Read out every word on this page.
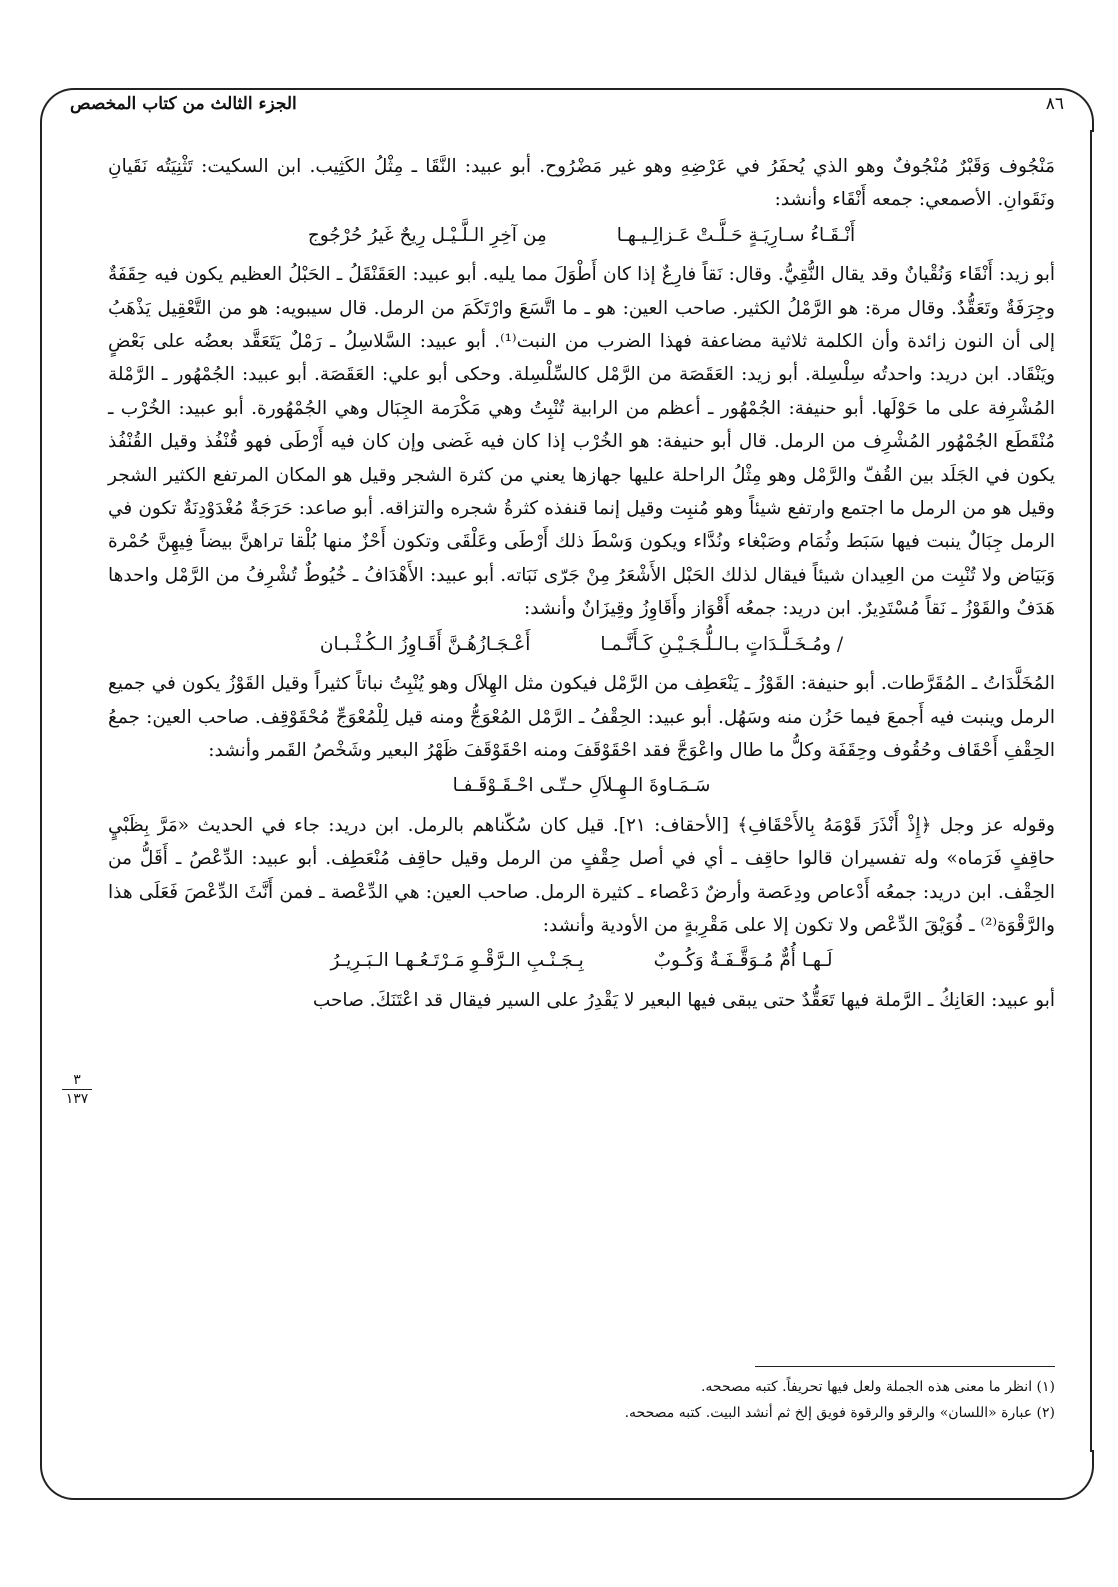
الجزء الثالث من كتاب المخصص	٨٦
٣
١٣٧

مَنْجُوف وَقَبْرٌ مُنْجُوفٌ وهو الذي يُحفَرُ في عَرْضِهِ وهو غير مَضْرُوح. أبو عبيد: النَّقَا ـ مِثْلُ الكَثِيب. ابن السكيت: تَثْنِيَتُه نَقَيانِ ونَقَوانِ. الأصمعي: جمعه أَنْقَاء وأنشد:

أَنْـقَـاءُ سـارِيَـةٍ حَـلَّـتْ عَـزالِـيـهـا مِن آخِرِ الـلَّـيْـل رِيحٌ غَيرُ حُرْجُوج

أبو زيد: أَنْقَاء وَنُقْيانٌ وقد يقال النُّقِيُّ. وقال: نَقاً فارِعٌ إذا كان أَطْوَلَ مما يليه. أبو عبيد: العَقَنْقَلُ ـ الحَبْلُ العظيم يكون فيه حِقَفَةٌ وجِرَفَةٌ وتَعَقُّدٌ. وقال مرة: هو الرَّمْلُ الكثير. صاحب العين: هو ـ ما اتَّسَعَ وارْتَكَمَ من الرمل. قال سيبويه: هو من التَّعْقِيل يَذْهَبُ إلى أن النون زائدة وأن الكلمة ثلاثية مضاعفة فهذا الضرب من النبت⁽¹⁾. أبو عبيد: السَّلاسِلُ ـ رَمْلٌ يَتَعَقَّد بعضُه على بَعْضٍ ويَنْقَاد. ابن دريد: واحدتُه سِلْسِلة. أبو زيد: العَقَصَة من الرَّمْل كالسِّلْسِلة. وحكى أبو علي: العَقَصَة. أبو عبيد: الجُمْهُور ـ الرَّمْلة المُشْرِفة على ما حَوْلَها. أبو حنيفة: الجُمْهُور ـ أعظم من الرابية تُنْبِتُ وهي مَكْرَمة الجِبَال وهي الجُمْهُورة. أبو عبيد: الخُرْب ـ مُنْقَطَع الجُمْهُور المُشْرِف من الرمل. قال أبو حنيفة: هو الخُرْب إذا كان فيه غَضى وإن كان فيه أَرْطَى فهو قُنْفُذ وقيل القُنْفُذ يكون في الجَلَد بين القُفّ والرَّمْل وهو مِثْلُ الراحلة عليها جهازها يعني من كثرة الشجر وقيل هو المكان المرتفع الكثير الشجر وقيل هو من الرمل ما اجتمع وارتفع شيئاً وهو مُنبِت وقيل إنما قنفذه كثرةُ شجره والتزاقه. أبو صاعد: حَرَجَةٌ مُغْدَوْدِنَةٌ تكون في الرمل جِبَالٌ ينبت فيها سَبَط وثُمَام وصَبْغاء ونُدَّاء ويكون وَسْطَ ذلك أَرْطَى وعَلْقَى وتكون أَحْزٌ منها بُلْقا تراهنَّ بيضاً فِيهِنَّ حُمْرة وَبَيَاض ولا تُنْبِت من العِيدان شيئاً فيقال لذلك الحَبْل الأَشْعَرُ مِنْ جَرّى نَبَاته. أبو عبيد: الأَهْدَافُ ـ خُيُوطٌ تُشْرِفُ من الرَّمْل واحدها هَدَفٌ والقَوْزُ ـ نَقاً مُسْتَدِيرٌ. ابن دريد: جمعُه أَقْوَاز وأَقَاوِزُ وقِيزَانٌ وأنشد:

/ ومُـخَـلَّـدَاتٍ بـالـلُّـجَـيْـنِ كَـأَنَّـمـا أَعْـجَـازُهُـنَّ أَقَـاوِزُ الـكُـثْـبـان

المُخَلَّدَاتُ ـ المُقَرَّطات. أبو حنيفة: القَوْزُ ـ يَنْعَطِف من الرَّمْل فيكون مثل الهِلاَل وهو يُنْبِتُ نباتاً كثيراً وقيل القَوْزُ يكون في جميع الرمل وينبت فيه أَجمعَ فيما حَزُن منه وسَهُل. أبو عبيد: الحِقْفُ ـ الرَّمْل المُعْوَجُّ ومنه قيل لِلْمُعْوَجِّ مُحْقَوْقِف. صاحب العين: جمعُ الحِقْفِ أَحْقَاف وحُقُوف وحِقَفَة وكلُّ ما طال واعْوَجَّ فقد احْقَوْقَفَ ومنه احْقَوْقَفَ ظَهْرُ البعير وشَخْصُ القَمر وأنشد:

سَـمَـاوةَ الـهِـلاَلِ حـتّـى احْـقَـوْقَـفـا

وقوله عز وجل ﴿إِذْ أَنْذَرَ قَوْمَهُ بِالأَحْقَافِ﴾ [الأحقاف: ٢١]. قيل كان سُكّناهم بالرمل. ابن دريد: جاء في الحديث «مَرَّ بِظَبْيٍ حاقِفٍ فَرَماه» وله تفسيران قالوا حاقِف ـ أي في أصل حِقْفٍ من الرمل وقيل حاقِف مُنْعَطِف. أبو عبيد: الدِّعْصُ ـ أَقَلُّ من الحِقْف. ابن دريد: جمعُه أَدْعاص ودِعَصة وأرضٌ دَعْصاء ـ كثيرة الرمل. صاحب العين: هي الدِّعْصة ـ فمن أَنَّثَ الدِّعْصَ فَعَلَى هذا والرَّقْوَة⁽²⁾ ـ فُوَيْقَ الدِّعْص ولا تكون إلا على مَقْرِبةٍ من الأودية وأنشد:

لَـهـا أُمٌّ مُـوَقَّـفَـةٌ وَكُـوبٌ بِـجَـنْـبِ الـرَّقْـوِ مَـرْتَـعُـهـا الـبَـرِيـرُ

أبو عبيد: العَانِكُ ـ الرَّملة فيها تَعَقُّدٌ حتى يبقى فيها البعير لا يَقْدِرُ على السير فيقال قد اعْتَنَكَ. صاحب

(١) انظر ما معنى هذه الجملة ولعل فيها تحريفاً. كتبه مصححه.

(٢) عبارة «اللسان» والرقو والرقوة فويق إلخ ثم أنشد البيت. كتبه مصححه.
